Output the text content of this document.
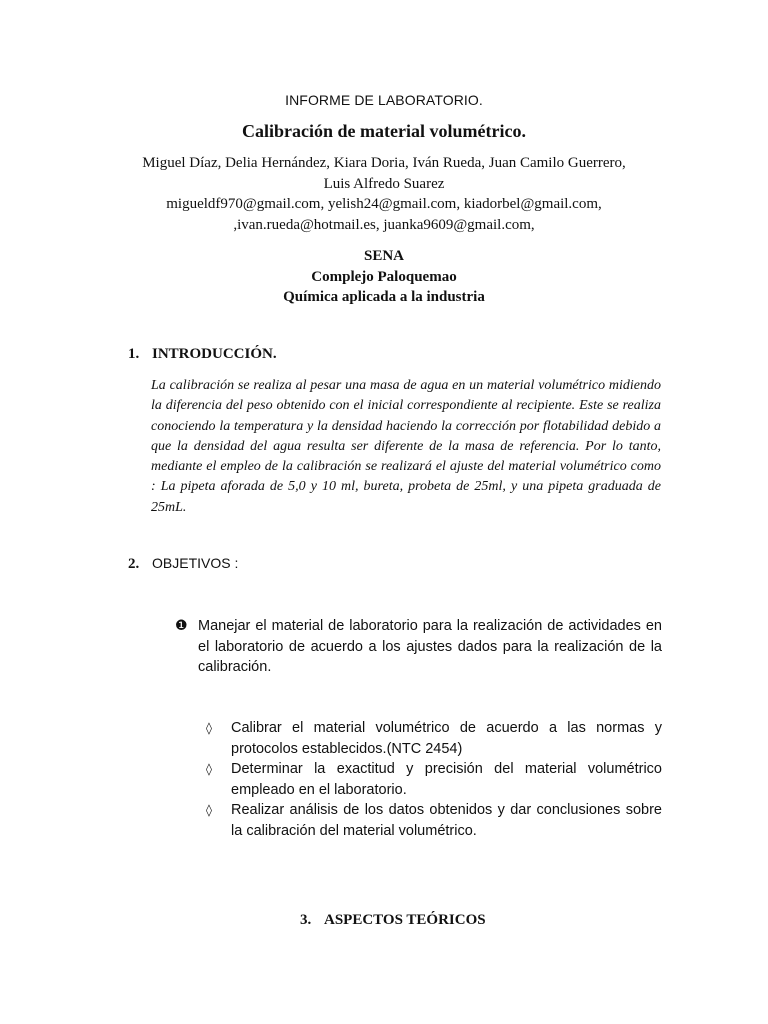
INFORME DE LABORATORIO.
Calibración de material volumétrico.
Miguel Díaz, Delia Hernández, Kiara Doria, Iván Rueda, Juan Camilo Guerrero,
Luis Alfredo Suarez
migueldf970@gmail.com, yelish24@gmail.com, kiadorbel@gmail.com,
,ivan.rueda@hotmail.es, juanka9609@gmail.com,
SENA
Complejo Paloquemao
Química aplicada a la industria
1. INTRODUCCIÓN.
La calibración se realiza al pesar una masa de agua en un material volumétrico midiendo la diferencia del peso obtenido con el inicial correspondiente al recipiente. Este se realiza conociendo la temperatura y la densidad haciendo la corrección por flotabilidad debido a que la densidad del agua resulta ser diferente de la masa de referencia. Por lo tanto, mediante el empleo de la calibración se realizará el ajuste del material volumétrico como : La pipeta aforada de 5,0 y 10 ml, bureta, probeta de 25ml, y una pipeta graduada de 25mL.
2. OBJETIVOS :
❶ Manejar el material de laboratorio para la realización de actividades en el laboratorio de acuerdo a los ajustes dados para la realización de la calibración.
◊ Calibrar el material volumétrico de acuerdo a las normas y protocolos establecidos.(NTC 2454)
◊ Determinar la exactitud y precisión del material volumétrico empleado en el laboratorio.
◊ Realizar análisis de los datos obtenidos y dar conclusiones sobre la calibración del material volumétrico.
3. ASPECTOS TEÓRICOS
